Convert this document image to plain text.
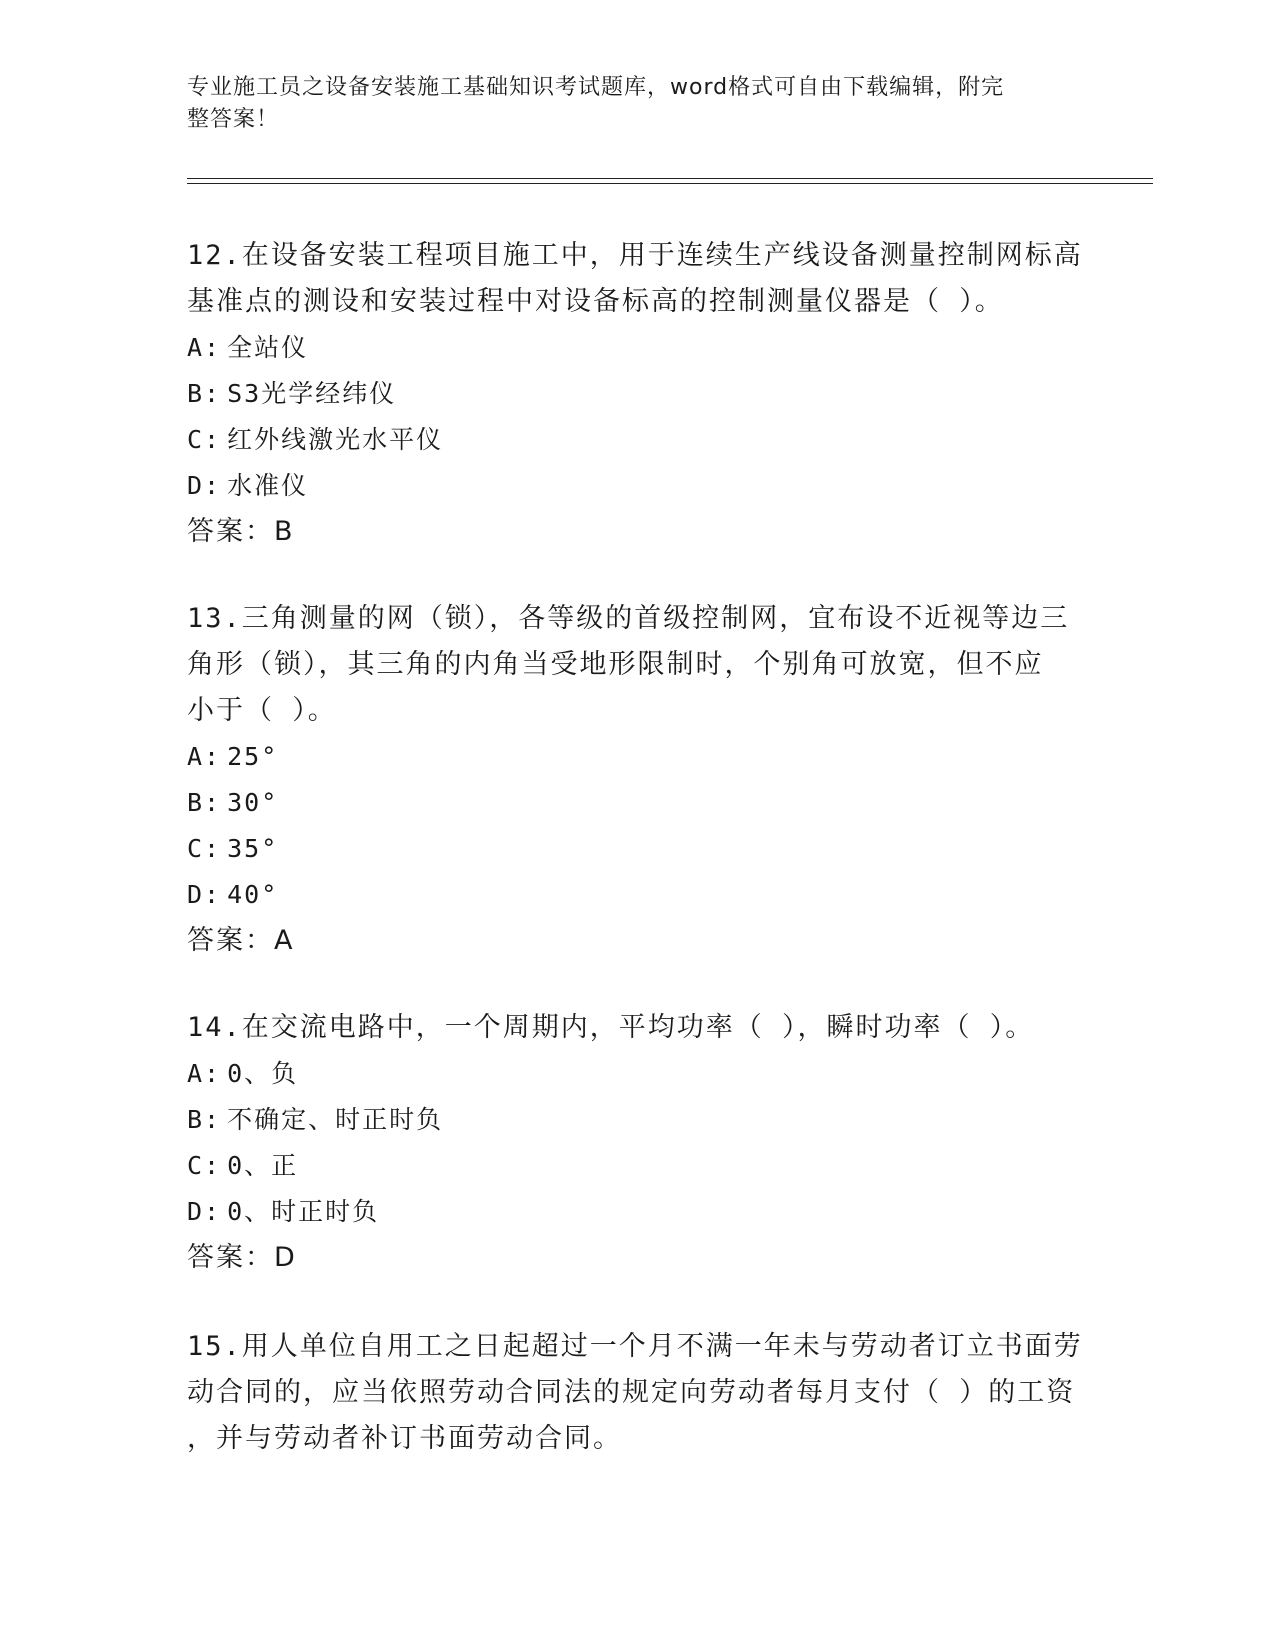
专业施工员之设备安装施工基础知识考试题库，word格式可自由下载编辑，附完
整答案！
12.在设备安装工程项目施工中，用于连续生产线设备测量控制网标高
基准点的测设和安装过程中对设备标高的控制测量仪器是（ ）。
A: 全站仪
B: S3光学经纬仪
C: 红外线激光水平仪
D: 水准仪
答案：B
13.三角测量的网（锁），各等级的首级控制网，宜布设不近视等边三
角形（锁），其三角的内角当受地形限制时，个别角可放宽，但不应
小于（ ）。
A: 25°
B: 30°
C: 35°
D: 40°
答案：A
14.在交流电路中，一个周期内，平均功率（ ），瞬时功率（ ）。
A: 0、负
B: 不确定、时正时负
C: 0、正
D: 0、时正时负
答案：D
15.用人单位自用工之日起超过一个月不满一年未与劳动者订立书面劳
动合同的，应当依照劳动合同法的规定向劳动者每月支付（ ）的工资
，并与劳动者补订书面劳动合同。
